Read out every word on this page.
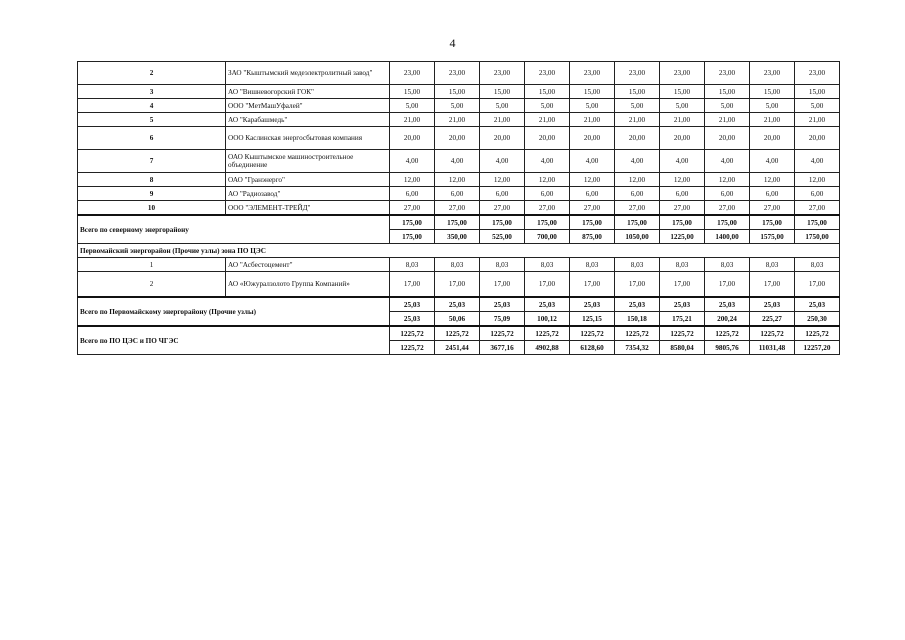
4
2	ЗАО "Кыштымский медеэлектролитный завод"	23,00	23,00	23,00	23,00	23,00	23,00	23,00	23,00	23,00	23,00
3	АО "Вишневогорский ГОК"	15,00	15,00	15,00	15,00	15,00	15,00	15,00	15,00	15,00	15,00
4	ООО "МетМашУфалей"	5,00	5,00	5,00	5,00	5,00	5,00	5,00	5,00	5,00	5,00
5	АО "Карабашмедь"	21,00	21,00	21,00	21,00	21,00	21,00	21,00	21,00	21,00	21,00
6	ООО Каслинская энергосбытовая компания	20,00	20,00	20,00	20,00	20,00	20,00	20,00	20,00	20,00	20,00
7	ОАО Кыштымское машиностроительное объединение	4,00	4,00	4,00	4,00	4,00	4,00	4,00	4,00	4,00	4,00
8	ОАО "Гранэнерго"	12,00	12,00	12,00	12,00	12,00	12,00	12,00	12,00	12,00	12,00
9	АО "Радиозавод"	6,00	6,00	6,00	6,00	6,00	6,00	6,00	6,00	6,00	6,00
10	ООО "ЭЛЕМЕНТ-ТРЕЙД"	27,00	27,00	27,00	27,00	27,00	27,00	27,00	27,00	27,00	27,00
Всего по северному энергорайону		175,00	175,00	175,00	175,00	175,00	175,00	175,00	175,00	175,00	175,00
		175,00	350,00	525,00	700,00	875,00	1050,00	1225,00	1400,00	1575,00	1750,00
Первомайский энергорайон (Прочие узлы) зона ПО ЦЭС											
1	АО "Асбестоцемент"	8,03	8,03	8,03	8,03	8,03	8,03	8,03	8,03	8,03	8,03
2	АО «Южуралзолото Группа Компаний»	17,00	17,00	17,00	17,00	17,00	17,00	17,00	17,00	17,00	17,00
Всего по Первомайскому энергорайону (Прочие узлы)		25,03	25,03	25,03	25,03	25,03	25,03	25,03	25,03	25,03	25,03
		25,03	50,06	75,09	100,12	125,15	150,18	175,21	200,24	225,27	250,30
Всего по ПО ЦЭС и ПО ЧГЭС		1225,72	1225,72	1225,72	1225,72	1225,72	1225,72	1225,72	1225,72	1225,72	1225,72
		1225,72	2451,44	3677,16	4902,88	6128,60	7354,32	8580,04	9805,76	11031,48	12257,20
